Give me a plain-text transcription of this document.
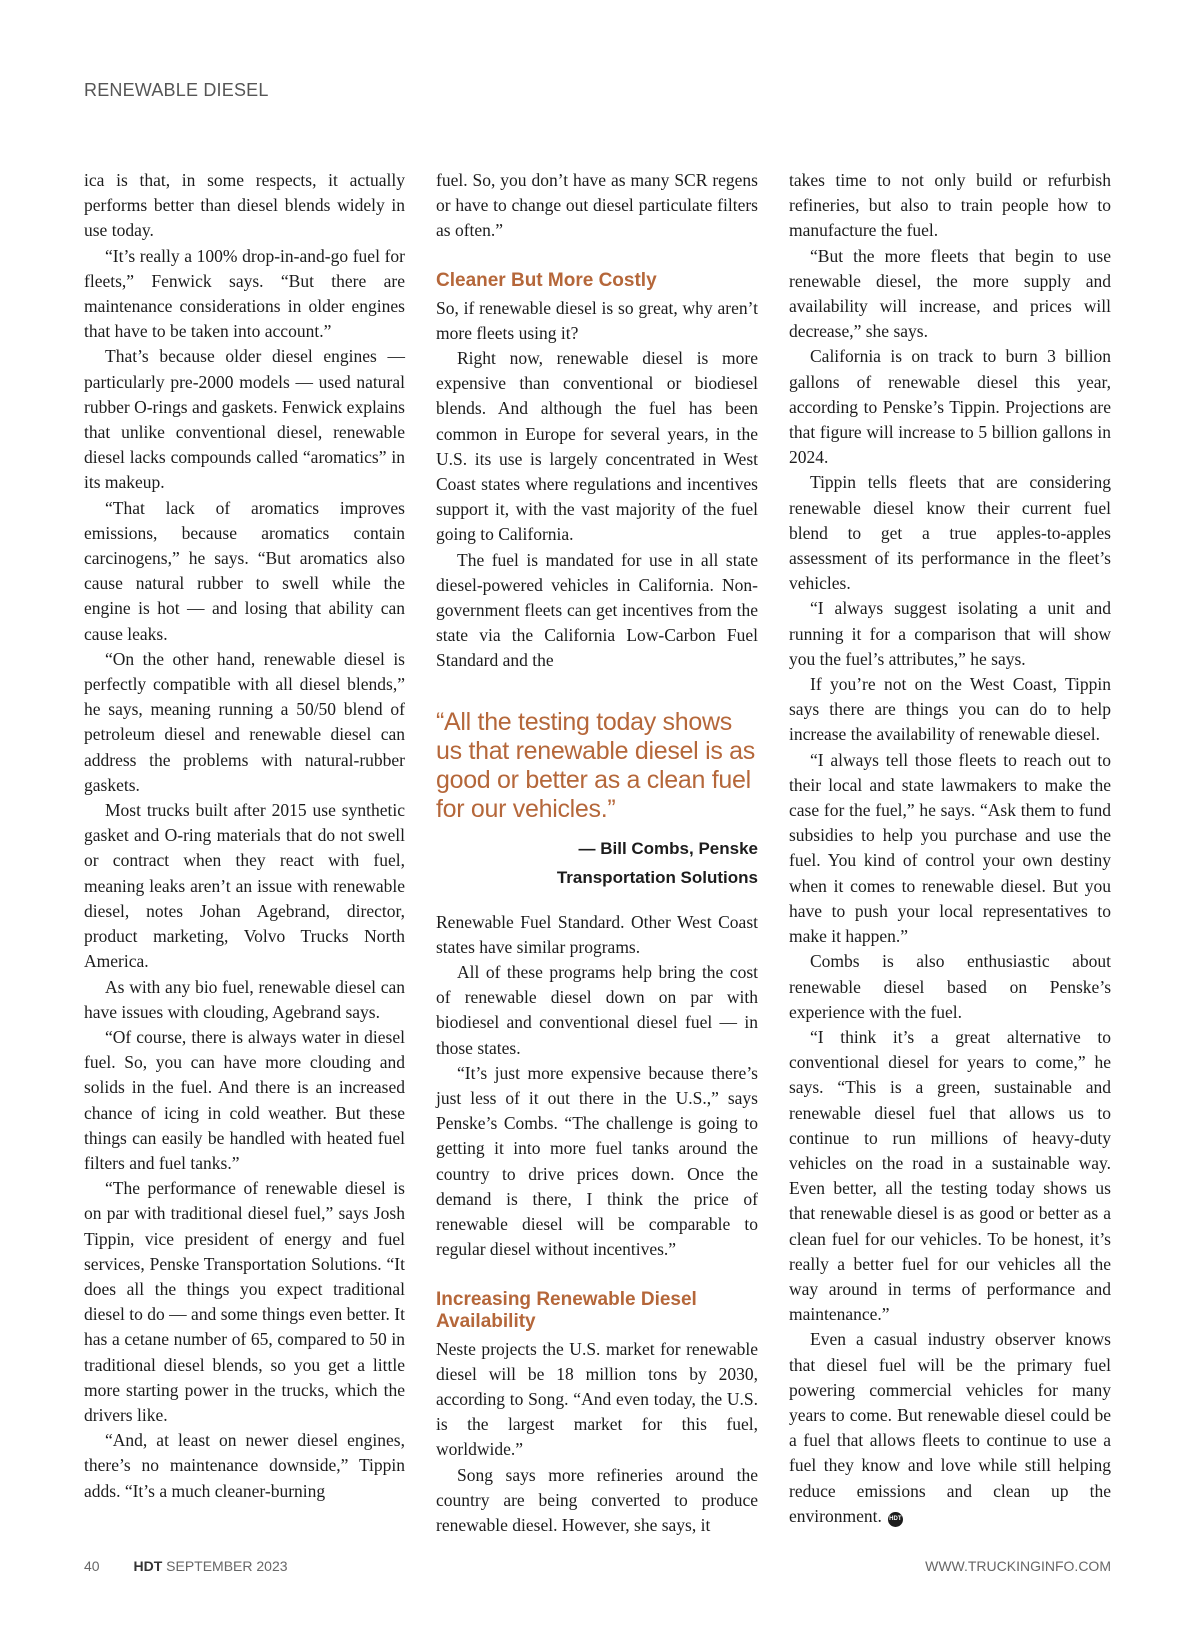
RENEWABLE DIESEL

ica is that, in some respects, it actually performs better than diesel blends widely in use today.

“It’s really a 100% drop-in-and-go fuel for fleets,” Fenwick says. “But there are maintenance considerations in older engines that have to be taken into account.”

That’s because older diesel engines — particularly pre-2000 models — used natural rubber O-rings and gaskets. Fenwick explains that unlike conventional diesel, renewable diesel lacks compounds called “aromatics” in its makeup.

“That lack of aromatics improves emissions, because aromatics contain carcinogens,” he says. “But aromatics also cause natural rubber to swell while the engine is hot — and losing that ability can cause leaks.

“On the other hand, renewable diesel is perfectly compatible with all diesel blends,” he says, meaning running a 50/50 blend of petroleum diesel and renewable diesel can address the problems with natural-rubber gaskets.

Most trucks built after 2015 use synthetic gasket and O-ring materials that do not swell or contract when they react with fuel, meaning leaks aren’t an issue with renewable diesel, notes Johan Agebrand, director, product marketing, Volvo Trucks North America.

As with any bio fuel, renewable diesel can have issues with clouding, Agebrand says.

“Of course, there is always water in diesel fuel. So, you can have more clouding and solids in the fuel. And there is an increased chance of icing in cold weather. But these things can easily be handled with heated fuel filters and fuel tanks.”

“The performance of renewable diesel is on par with traditional diesel fuel,” says Josh Tippin, vice president of energy and fuel services, Penske Transportation Solutions. “It does all the things you expect traditional diesel to do — and some things even better. It has a cetane number of 65, compared to 50 in traditional diesel blends, so you get a little more starting power in the trucks, which the drivers like.

“And, at least on newer diesel engines, there’s no maintenance downside,” Tippin adds. “It’s a much cleaner-burning

fuel. So, you don’t have as many SCR regens or have to change out diesel particulate filters as often.”

Cleaner But More Costly

So, if renewable diesel is so great, why aren’t more fleets using it?

Right now, renewable diesel is more expensive than conventional or biodiesel blends. And although the fuel has been common in Europe for several years, in the U.S. its use is largely concentrated in West Coast states where regulations and incentives support it, with the vast majority of the fuel going to California.

The fuel is mandated for use in all state diesel-powered vehicles in California. Non-government fleets can get incentives from the state via the California Low-Carbon Fuel Standard and the

“All the testing today shows us that renewable diesel is as good or better as a clean fuel for our vehicles.”
— Bill Combs, Penske
Transportation Solutions

Renewable Fuel Standard. Other West Coast states have similar programs.

All of these programs help bring the cost of renewable diesel down on par with biodiesel and conventional diesel fuel — in those states.

“It’s just more expensive because there’s just less of it out there in the U.S.,” says Penske’s Combs. “The challenge is going to getting it into more fuel tanks around the country to drive prices down. Once the demand is there, I think the price of renewable diesel will be comparable to regular diesel without incentives.”

Increasing Renewable Diesel Availability

Neste projects the U.S. market for renewable diesel will be 18 million tons by 2030, according to Song. “And even today, the U.S. is the largest market for this fuel, worldwide.”

Song says more refineries around the country are being converted to produce renewable diesel. However, she says, it

takes time to not only build or refurbish refineries, but also to train people how to manufacture the fuel.

“But the more fleets that begin to use renewable diesel, the more supply and availability will increase, and prices will decrease,” she says.

California is on track to burn 3 billion gallons of renewable diesel this year, according to Penske’s Tippin. Projections are that figure will increase to 5 billion gallons in 2024.

Tippin tells fleets that are considering renewable diesel know their current fuel blend to get a true apples-to-apples assessment of its performance in the fleet’s vehicles.

“I always suggest isolating a unit and running it for a comparison that will show you the fuel’s attributes,” he says.

If you’re not on the West Coast, Tippin says there are things you can do to help increase the availability of renewable diesel.

“I always tell those fleets to reach out to their local and state lawmakers to make the case for the fuel,” he says. “Ask them to fund subsidies to help you purchase and use the fuel. You kind of control your own destiny when it comes to renewable diesel. But you have to push your local representatives to make it happen.”

Combs is also enthusiastic about renewable diesel based on Penske’s experience with the fuel.

“I think it’s a great alternative to conventional diesel for years to come,” he says. “This is a green, sustainable and renewable diesel fuel that allows us to continue to run millions of heavy-duty vehicles on the road in a sustainable way. Even better, all the testing today shows us that renewable diesel is as good or better as a clean fuel for our vehicles. To be honest, it’s really a better fuel for our vehicles all the way around in terms of performance and maintenance.”

Even a casual industry observer knows that diesel fuel will be the primary fuel powering commercial vehicles for many years to come. But renewable diesel could be a fuel that allows fleets to continue to use a fuel they know and love while still helping reduce emissions and clean up the environment. HDT

40 HDT SEPTEMBER 2023	WWW.TRUCKINGINFO.COM
